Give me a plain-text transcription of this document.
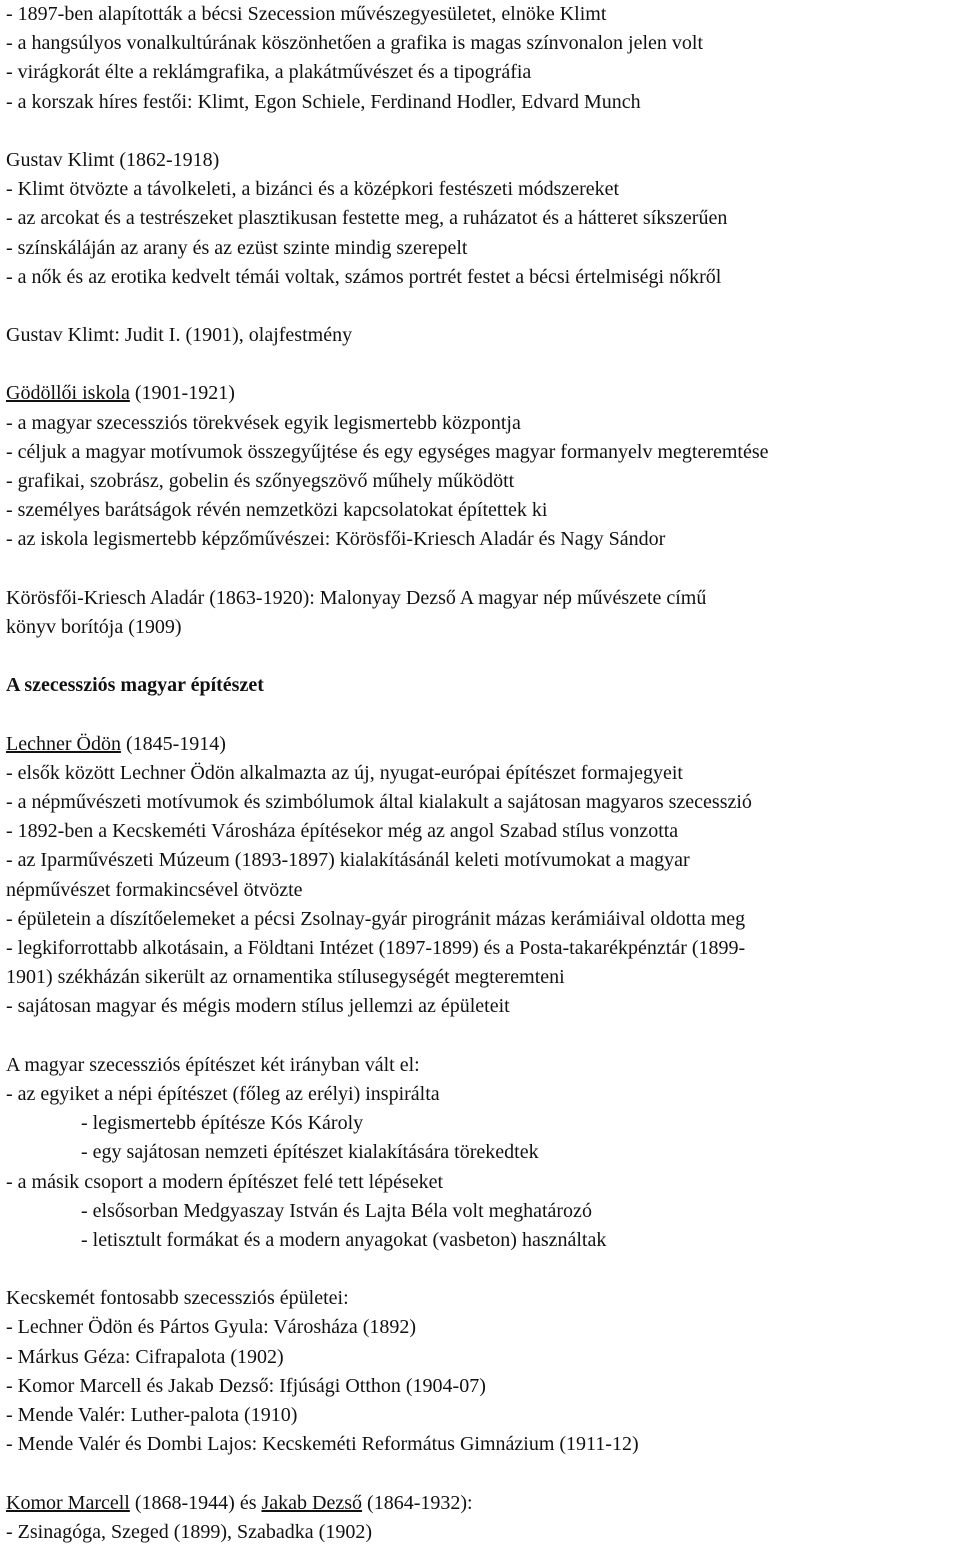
- 1897-ben alapították a bécsi Szecession művészegyesületet, elnöke Klimt
- a hangsúlyos vonalkultúrának köszönhetően a grafika is magas színvonalon jelen volt
- virágkorát élte a reklámgrafika, a plakátművészet és a tipográfia
- a korszak híres festői: Klimt, Egon Schiele, Ferdinand Hodler, Edvard Munch
Gustav Klimt (1862-1918)
- Klimt ötvözte a távolkeleti, a bizánci és a középkori festészeti módszereket
- az arcokat és a testrészeket plasztikusan festette meg, a ruházatot és a hátteret síkszerűen
- színskáláján az arany és az ezüst szinte mindig szerepelt
- a nők és az erotika kedvelt témái voltak, számos portrét festet a bécsi értelmiségi nőkről
Gustav Klimt: Judit I. (1901), olajfestmény
Gödöllői iskola (1901-1921)
- a magyar szecessziós törekvések egyik legismertebb központja
- céljuk a magyar motívumok összegyűjtése és egy egységes magyar formanyelv megteremtése
- grafikai, szobrász, gobelin és szőnyegszövő műhely működött
- személyes barátságok révén nemzetközi kapcsolatokat építettek ki
- az iskola legismertebb képzőművészei: Körösfői-Kriesch Aladár és Nagy Sándor
Körösfői-Kriesch Aladár (1863-1920): Malonyay Dezső A magyar nép művészete című
könyv borítója (1909)
A szecessziós magyar építészet
Lechner Ödön (1845-1914)
- elsők között Lechner Ödön alkalmazta az új, nyugat-európai építészet formajegyeit
- a népművészeti motívumok és szimbólumok által kialakult a sajátosan magyaros szecesszió
- 1892-ben a Kecskeméti Városháza építésekor még az angol Szabad stílus vonzotta
- az Iparművészeti Múzeum (1893-1897) kialakításánál keleti motívumokat a magyar
népművészet formakincsével ötvözte
- épületein a díszítőelemeket a pécsi Zsolnay-gyár pirogránit mázas kerámiáival oldotta meg
- legkiforrottabb alkotásain, a Földtani Intézet (1897-1899) és a Posta-takarékpénztár (1899-
1901) székházán sikerült az ornamentika stílusegységét megteremteni
- sajátosan magyar és mégis modern stílus jellemzi az épületeit
A magyar szecessziós építészet két irányban vált el:
- az egyiket a népi építészet (főleg az erélyi) inspirálta
- legismertebb építésze Kós Károly
- egy sajátosan nemzeti építészet kialakítására törekedtek
- a másik csoport a modern építészet felé tett lépéseket
- elsősorban Medgyaszay István és Lajta Béla volt meghatározó
- letisztult formákat és a modern anyagokat (vasbeton) használtak
Kecskemét fontosabb szecessziós épületei:
- Lechner Ödön és Pártos Gyula: Városháza (1892)
- Márkus Géza: Cifrapalota (1902)
- Komor Marcell és Jakab Dezső: Ifjúsági Otthon (1904-07)
- Mende Valér: Luther-palota (1910)
- Mende Valér és Dombi Lajos: Kecskeméti Református Gimnázium (1911-12)
Komor Marcell (1868-1944) és Jakab Dezső (1864-1932):
- Zsinagóga, Szeged (1899), Szabadka (1902)
